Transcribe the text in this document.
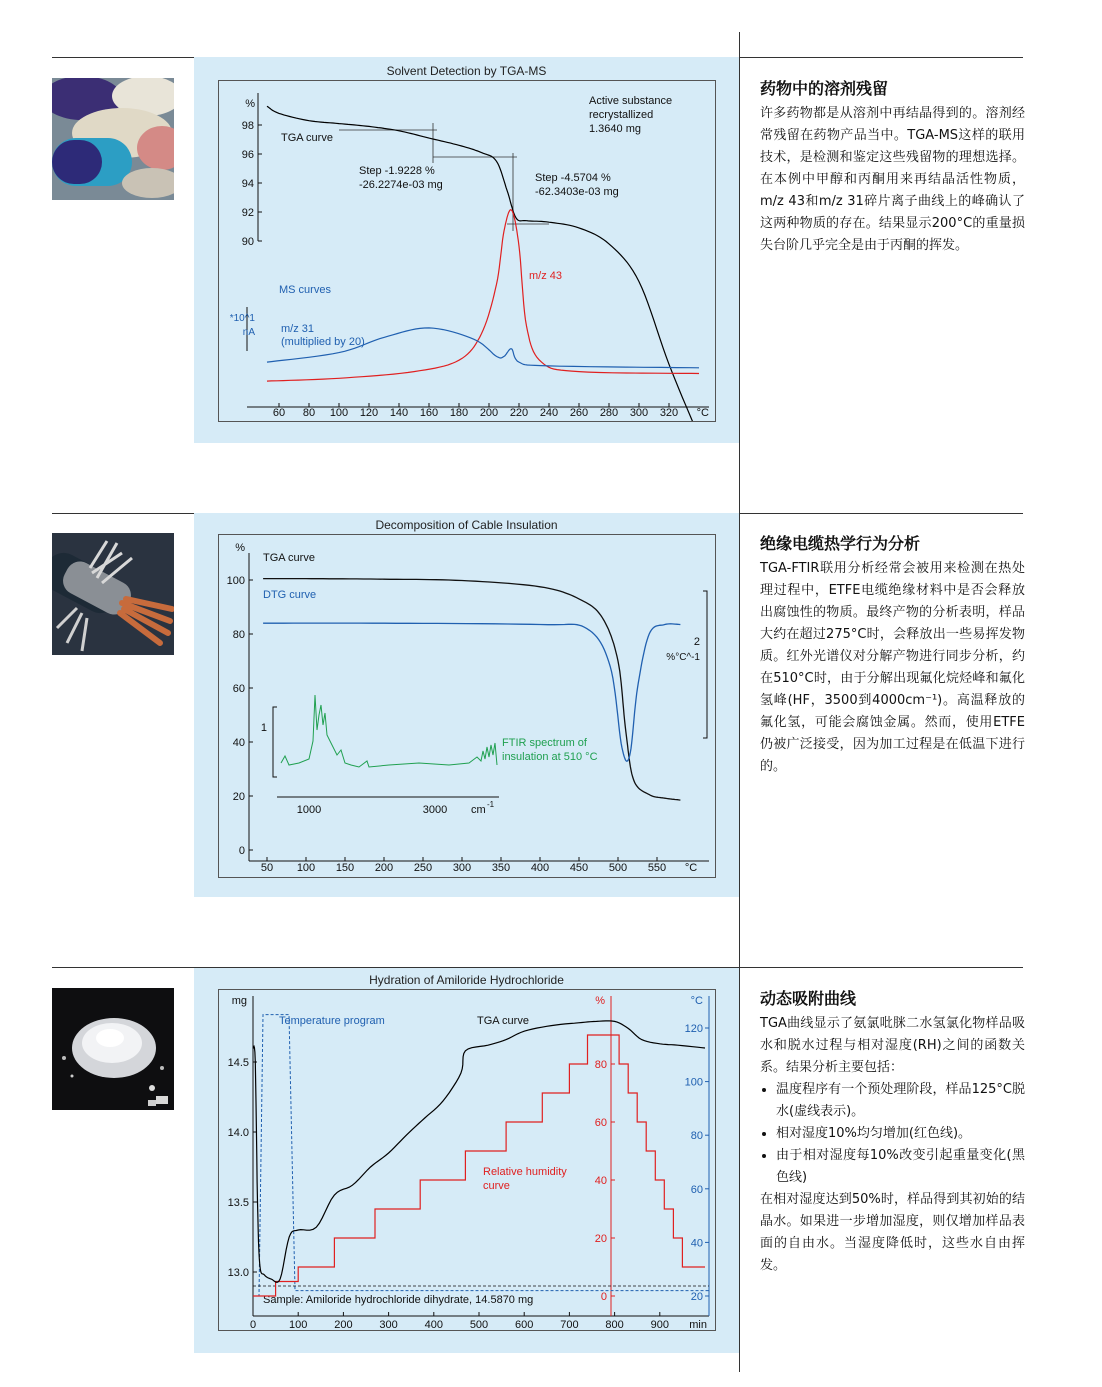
Solvent Detection by TGA-MS
60 80 100 120 140 160 180 200 220 240 260 280 300 320 °C
%
98
96
94
92
90
Active substance
recrystallized
1.3640 mg
TGA curve
Step -1.9228 %
-26.2274e-03 mg
Step -4.5704 %
-62.3403e-03 mg
MS curves
*10^1
nA m/z 31
(multiplied by 20)
m/z 43
药物中的溶剂残留

许多药物都是从溶剂中再结晶得到的。溶剂经常残留在药物产品当中。TGA-MS这样的联用技术，是检测和鉴定这些残留物的理想选择。在本例中甲醇和丙酮用来再结晶活性物质，m/z 43和m/z 31碎片离子曲线上的峰确认了这两种物质的存在。结果显示200°C的重量损失台阶几乎完全是由于丙酮的挥发。

Decomposition of Cable Insulation
%
100
80
60
40
20
0
50 100 150 200 250 300 350 400 450 500 550 °C
TGA curve
DTG curve
2
%°C^-1
1
1000	3000 cm -1
FTIR spectrum of
insulation at 510 °C
绝缘电缆热学行为分析

TGA-FTIR联用分析经常会被用来检测在热处理过程中，ETFE电缆绝缘材料中是否会释放出腐蚀性的物质。最终产物的分析表明，样品大约在超过275°C时，会释放出一些易挥发物质。红外光谱仪对分解产物进行同步分析，约在510°C时，由于分解出现氟化烷烃峰和氟化氢峰(HF，3500到4000cm⁻¹)。高温释放的氟化氢，可能会腐蚀金属。然而，使用ETFE仍被广泛接受，因为加工过程是在低温下进行的。

Hydration of Amiloride Hydrochloride
mg	%	°C
14.5
14.0
13.5
13.0
80
60
40
20
0
120
100
80
60
40
20
0	100 200 300 400 500 600 700 800 900 min
Temperature program	TGA curve
Relative humidity
curve
Sample: Amiloride hydrochloride dihydrate, 14.5870 mg
动态吸附曲线

TGA曲线显示了氨氯吡脒二水氢氯化物样品吸水和脱水过程与相对湿度(RH)之间的函数关系。结果分析主要包括：

• 温度程序有一个预处理阶段，样品125°C脱水(虚线表示)。
• 相对湿度10%均匀增加(红色线)。
• 由于相对湿度每10%改变引起重量变化(黑色线)

在相对湿度达到50%时，样品得到其初始的结晶水。如果进一步增加湿度，则仅增加样品表面的自由水。当湿度降低时，这些水自由挥发。
